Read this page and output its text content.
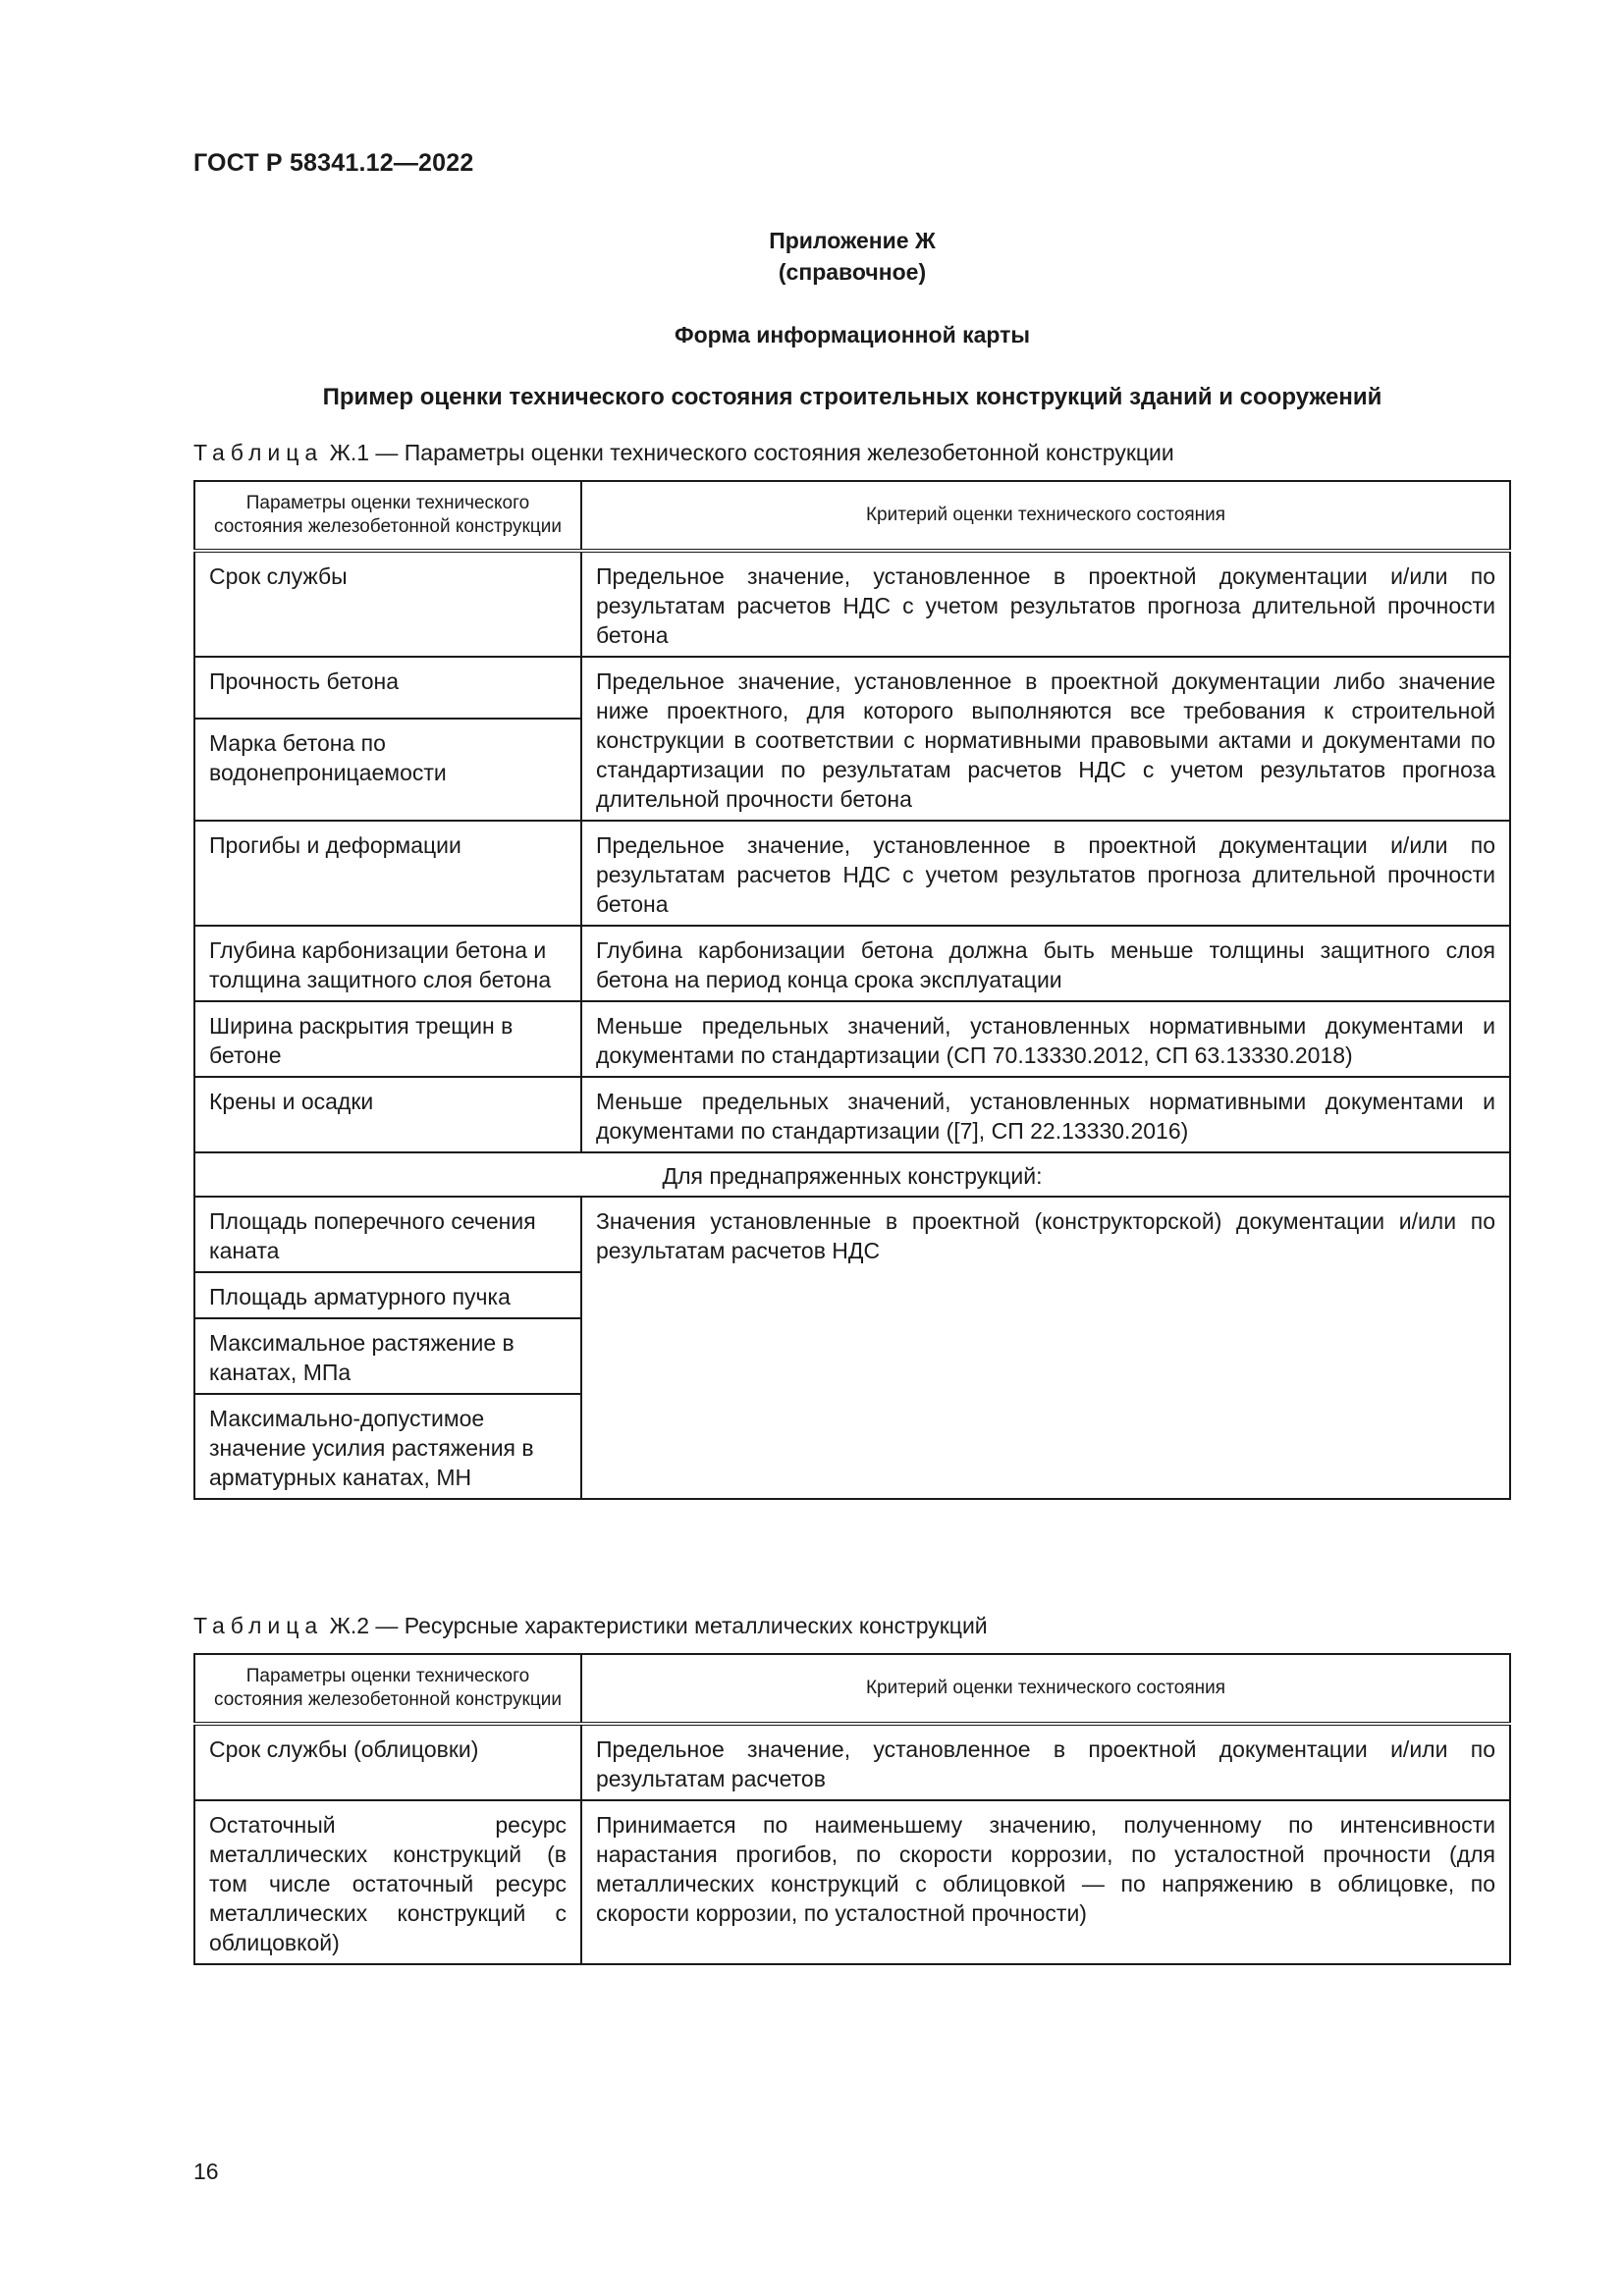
ГОСТ Р 58341.12—2022
Приложение Ж
(справочное)
Форма информационной карты
Пример оценки технического состояния строительных конструкций зданий и сооружений
Таблица Ж.1 — Параметры оценки технического состояния железобетонной конструкции
Параметры оценки технического состояния железобетонной конструкции	Критерий оценки технического состояния
Срок службы	Предельное значение, установленное в проектной документации и/или по результатам расчетов НДС с учетом результатов прогноза длительной прочности бетона
Прочность бетона	Предельное значение, установленное в проектной документации либо значение ниже проектного, для которого выполняются все требования к строительной конструкции в соответствии с нормативными правовыми актами и документами по стандартизации по результатам расчетов НДС с учетом результатов прогноза длительной прочности бетона
Марка бетона по водонепроницаемости	
Прогибы и деформации	Предельное значение, установленное в проектной документации и/или по результатам расчетов НДС с учетом результатов прогноза длительной прочности бетона
Глубина карбонизации бетона и толщина защитного слоя бетона	Глубина карбонизации бетона должна быть меньше толщины защитного слоя бетона на период конца срока эксплуатации
Ширина раскрытия трещин в бетоне	Меньше предельных значений, установленных нормативными документами и документами по стандартизации (СП 70.13330.2012, СП 63.13330.2018)
Крены и осадки	Меньше предельных значений, установленных нормативными документами и документами по стандартизации ([7], СП 22.13330.2016)
Для преднапряженных конструкций:	
Площадь поперечного сечения каната	Значения установленные в проектной (конструкторской) документации и/или по результатам расчетов НДС
Площадь арматурного пучка	
Максимальное растяжение в канатах, МПа	
Максимально-допустимое значение усилия растяжения в арматурных канатах, МН	
Таблица Ж.2 — Ресурсные характеристики металлических конструкций
Параметры оценки технического состояния железобетонной конструкции	Критерий оценки технического состояния
Срок службы (облицовки)	Предельное значение, установленное в проектной документации и/или по результатам расчетов
Остаточный ресурс металлических конструкций (в том числе остаточный ресурс металлических конструкций с облицовкой)	Принимается по наименьшему значению, полученному по интенсивности нарастания прогибов, по скорости коррозии, по усталостной прочности (для металлических конструкций с облицовкой — по напряжению в облицовке, по скорости коррозии, по усталостной прочности)
16
